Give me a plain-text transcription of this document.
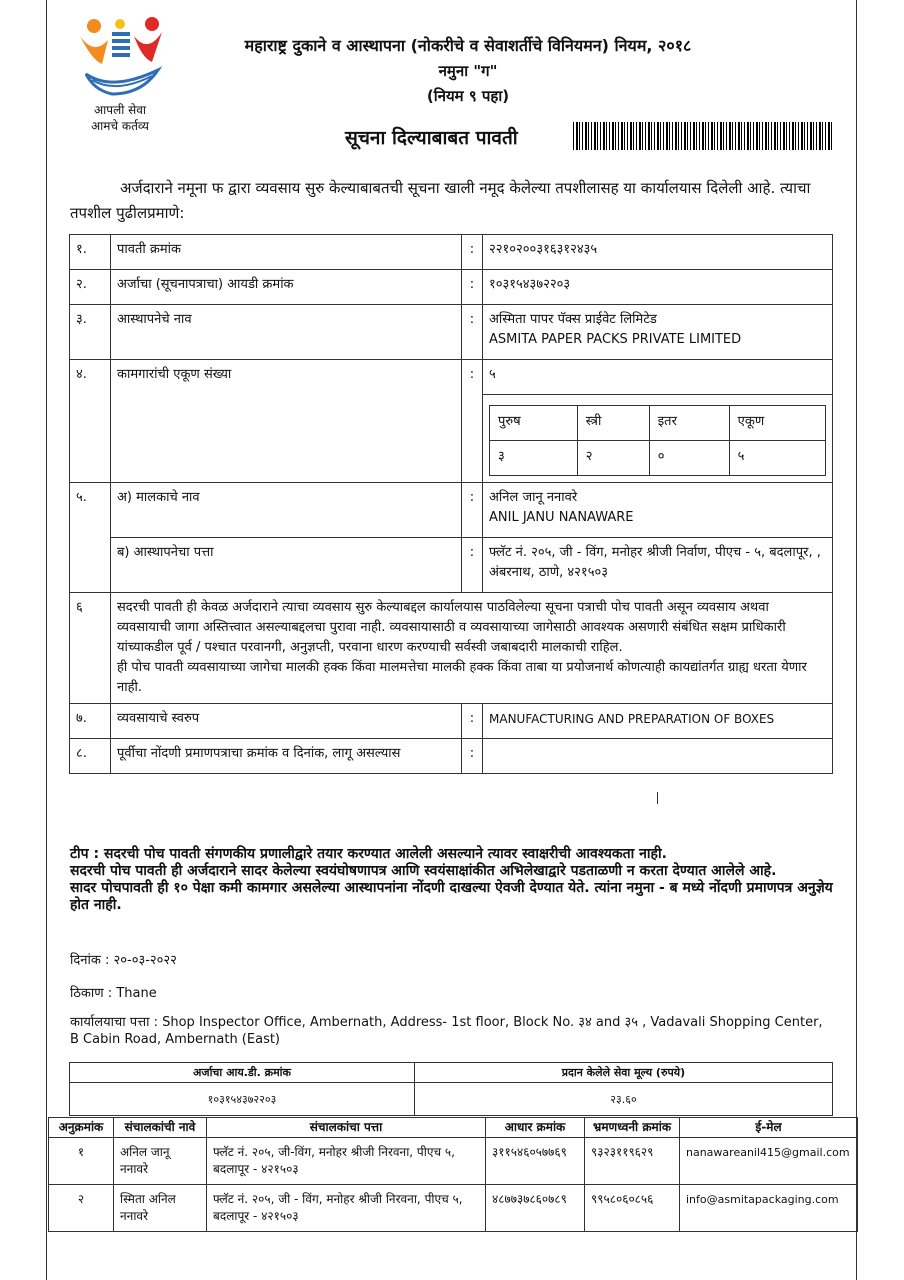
आपली सेवा
आमचे कर्तव्य
महाराष्ट्र दुकाने व आस्थापना (नोकरीचे व सेवाशर्तीचे विनियमन) नियम, २०१८
नमुना "ग"
(नियम ९ पहा)
सूचना दिल्याबाबत पावती
अर्जदाराने नमूना फ द्वारा व्यवसाय सुरु केल्याबाबतची सूचना खाली नमूद केलेल्या तपशीलासह या कार्यालयास दिलेली आहे. त्याचा तपशील पुढीलप्रमाणे:
१.	पावती क्रमांक	:	२२१०२००३१६३१२४३५
२.	अर्जाचा (सूचनापत्राचा) आयडी क्रमांक	:	१०३१५४३७२२०३
३.	आस्थापनेचे नाव	:	अस्मिता पापर पॅक्स प्राईवेट लिमिटेड
ASMITA PAPER PACKS PRIVATE LIMITED

४.	कामगारांची एकूण संख्या	:	५
पुरुष	स्त्री	इतर	एकूण
३	२	०	५

५.	अ) मालकाचे नाव	:	अनिल जानू ननावरे
ANIL JANU NANAWARE

ब) आस्थापनेचा पत्ता	:	फ्लॅट नं. २०५, जी - विंग, मनोहर श्रीजी निर्वाण, पीएच - ५, बदलापूर, , अंबरनाथ, ठाणे, ४२१५०३
६	सदरची पावती ही केवळ अर्जदाराने त्याचा व्यवसाय सुरु केल्याबद्दल कार्यालयास पाठविलेल्या सूचना पत्राची पोच पावती असून व्यवसाय अथवा व्यवसायाची जागा अस्तित्त्वात असल्याबद्दलचा पुरावा नाही. व्यवसायासाठी व व्यवसायाच्या जागेसाठी आवश्यक असणारी संबंधित सक्षम प्राधिकारी यांच्याकडील पूर्व / पश्चात परवानगी, अनुज्ञप्ती, परवाना धारण करण्याची सर्वस्वी जबाबदारी मालकाची राहिल.
ही पोच पावती व्यवसायाच्या जागेचा मालकी हक्क किंवा मालमत्तेचा मालकी हक्क किंवा ताबा या प्रयोजनार्थ कोणत्याही कायद्यांतर्गत ग्राह्य धरता येणार नाही.

७.	व्यवसायाचे स्वरुप	:	MANUFACTURING AND PREPARATION OF BOXES
८.	पूर्वीचा नोंदणी प्रमाणपत्राचा क्रमांक व दिनांक, लागू असल्यास	:	
टीप : सदरची पोच पावती संगणकीय प्रणालीद्वारे तयार करण्यात आलेली असल्याने त्यावर स्वाक्षरीची आवश्यकता नाही.
सदरची पोच पावती ही अर्जदाराने सादर केलेल्या स्वयंघोषणापत्र आणि स्वयंसाक्षांकीत अभिलेखाद्वारे पडताळणी न करता देण्यात आलेले आहे.
सादर पोचपावती ही १० पेक्षा कमी कामगार असलेल्या आस्थापनांना नोंदणी दाखल्या ऐवजी देण्यात येते. त्यांना नमुना - ब मध्ये नोंदणी प्रमाणपत्र अनुज्ञेय होत नाही.
दिनांक : २०-०३-२०२२
ठिकाण : Thane
कार्यालयाचा पत्ता : Shop Inspector Office, Ambernath, Address- 1st floor, Block No. ३४ and ३५ , Vadavali Shopping Center, B Cabin Road, Ambernath (East)
अर्जाचा आय.डी. क्रमांक	प्रदान केलेले सेवा मूल्य (रुपये)
१०३१५४३७२२०३	२३.६०
अनुक्रमांक	संचालकांची नावे	संचालकांचा पत्ता	आधार क्रमांक	भ्रमणध्वनी क्रमांक	ई-मेल
१	अनिल जानू ननावरे	फ्लॅट नं. २०५, जी-विंग, मनोहर श्रीजी निरवना, पीएच ५, बदलापूर - ४२१५०३	३११५४६०५७७६९	९३२३११९६२९	nanawareanil415@gmail.com
२	स्मिता अनिल ननावरे	फ्लॅट नं. २०५, जी - विंग, मनोहर श्रीजी निरवना, पीएच ५, बदलापूर - ४२१५०३	४८७७३७८६०७८९	९९५८०६०८५६	info@asmitapackaging.com
